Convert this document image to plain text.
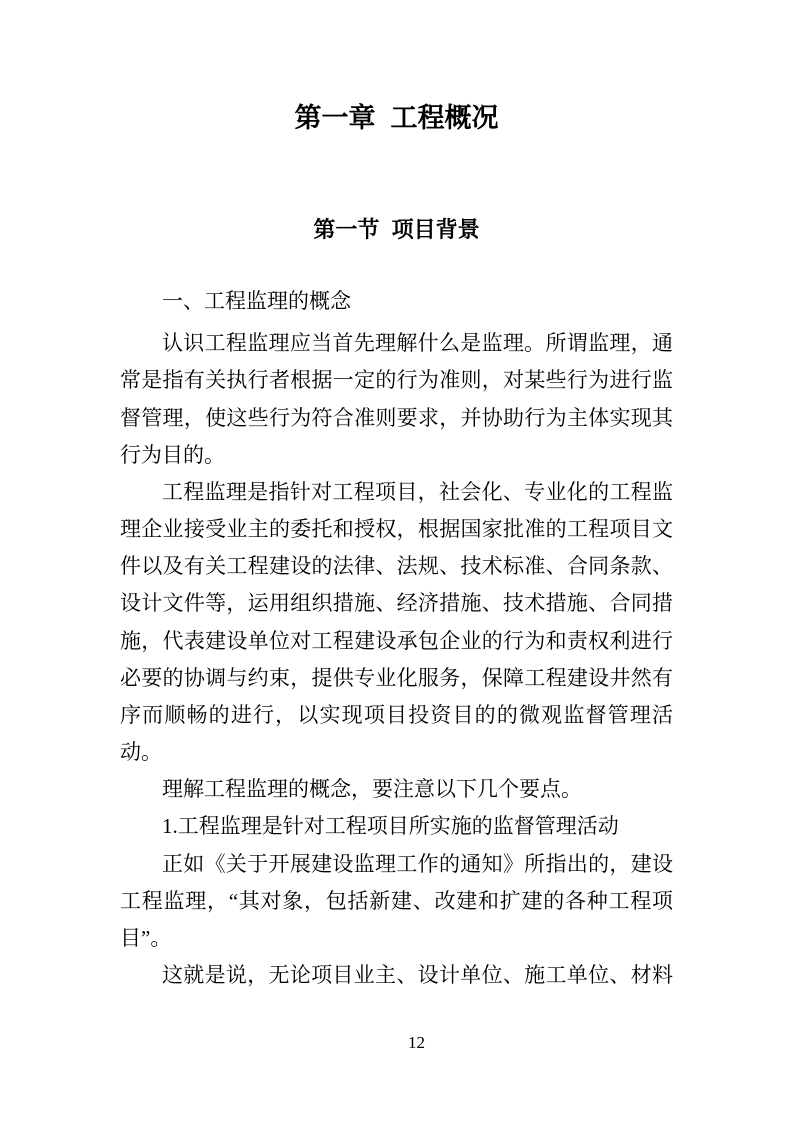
第一章  工程概况
第一节  项目背景
一、工程监理的概念
认识工程监理应当首先理解什么是监理。所谓监理，通
常是指有关执行者根据一定的行为准则，对某些行为进行监
督管理，使这些行为符合准则要求，并协助行为主体实现其
行为目的。
工程监理是指针对工程项目，社会化、专业化的工程监
理企业接受业主的委托和授权，根据国家批准的工程项目文
件以及有关工程建设的法律、法规、技术标准、合同条款、
设计文件等，运用组织措施、经济措施、技术措施、合同措
施，代表建设单位对工程建设承包企业的行为和责权利进行
必要的协调与约束，提供专业化服务，保障工程建设井然有
序而顺畅的进行，以实现项目投资目的的微观监督管理活
动。
理解工程监理的概念，要注意以下几个要点。
1.工程监理是针对工程项目所实施的监督管理活动
正如《关于开展建设监理工作的通知》所指出的，建设
工程监理，“其对象，包括新建、改建和扩建的各种工程项
目”。
这就是说，无论项目业主、设计单位、施工单位、材料
12
